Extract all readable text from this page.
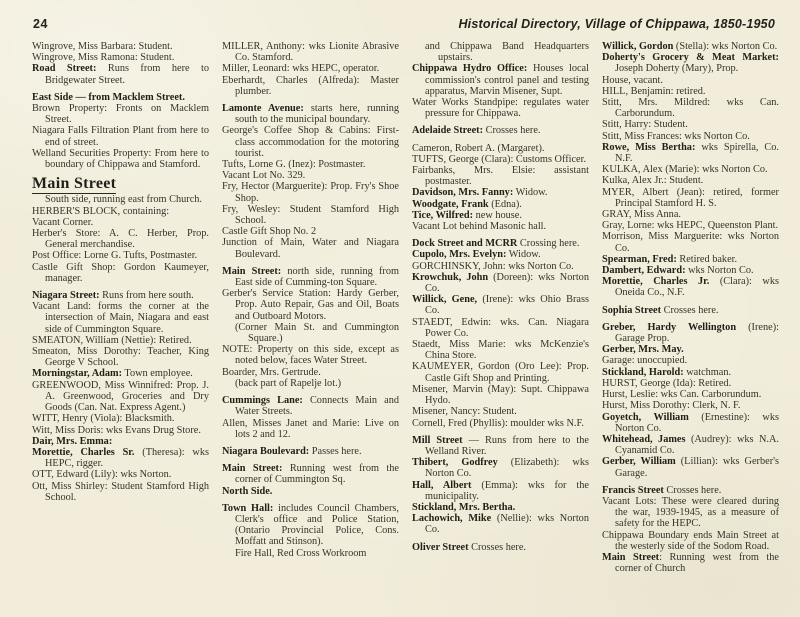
24	Historical Directory, Village of Chippawa, 1850-1950

Wingrove, Miss Barbara: Student.

Wingrove, Miss Ramona: Student.

Road Street: Runs from here to Bridgewater Street.

East Side — from Macklem Street.

Brown Property: Fronts on Macklem Street.

Niagara Falls Filtration Plant from here to end of street.

Welland Securities Property: From here to boundary of Chippawa and Stamford.

Main Street

South side, running east from Church.

HERBER'S BLOCK, containing:

Vacant Corner.

Herber's Store: A. C. Herber, Prop. General merchandise.

Post Office: Lorne G. Tufts, Postmaster.

Castle Gift Shop: Gordon Kaumeyer, manager.

Niagara Street: Runs from here south.

Vacant Land: forms the corner at the intersection of Main, Niagara and east side of Cummington Square.

SMEATON, William (Nettie): Retired.

Smeaton, Miss Dorothy: Teacher, King George V School.

Morningstar, Adam: Town employee.

GREENWOOD, Miss Winnifred: Prop. J. A. Greenwood, Groceries and Dry Goods (Can. Nat. Express Agent.)

WITT, Henry (Viola): Blacksmith.

Witt, Miss Doris: wks Evans Drug Store.

Dair, Mrs. Emma:

Morettie, Charles Sr. (Theresa): wks HEPC, rigger.

OTT, Edward (Lily): wks Norton.

Ott, Miss Shirley: Student Stamford High School.

MILLER, Anthony: wks Lionite Abrasive Co. Stamford.

Miller, Leonard: wks HEPC, operator.

Eberhardt, Charles (Alfreda): Master plumber.

Lamonte Avenue: starts here, running south to the municipal boundary.

George's Coffee Shop & Cabins: First-class accommodation for the motoring tourist.

Tufts, Lorne G. (Inez): Postmaster.

Vacant Lot No. 329.

Fry, Hector (Marguerite): Prop. Fry's Shoe Shop.

Fry, Wesley: Student Stamford High School.

Castle Gift Shop No. 2

Junction of Main, Water and Niagara Boulevard.

Main Street: north side, running from East side of Cumming-ton Square.

Gerber's Service Station: Hardy Gerber, Prop. Auto Repair, Gas and Oil, Boats and Outboard Motors.

(Corner Main St. and Cummington Square.)

NOTE: Property on this side, except as noted below, faces Water Street.

Boarder, Mrs. Gertrude.

(back part of Rapelje lot.)

Cummings Lane: Connects Main and Water Streets.

Allen, Misses Janet and Marie: Live on lots 2 and 12.

Niagara Boulevard: Passes here.

Main Street: Running west from the corner of Cummington Sq.

North Side.

Town Hall: includes Council Chambers, Clerk's office and Police Station, (Ontario Provincial Police, Cons. Moffatt and Stinson).

Fire Hall, Red Cross Workroom

and Chippawa Band Headquarters upstairs.

Chippawa Hydro Office: Houses local commission's control panel and testing apparatus, Marvin Misener, Supt.

Water Works Standpipe: regulates water pressure for Chippawa.

Adelaide Street: Crosses here.

Cameron, Robert A. (Margaret).

TUFTS, George (Clara): Customs Officer.

Fairbanks, Mrs. Elsie: assistant postmaster.

Davidson, Mrs. Fanny: Widow.

Woodgate, Frank (Edna).

Tice, Wilfred: new house.

Vacant Lot behind Masonic hall.

Dock Street and MCRR Crossing here.

Cupolo, Mrs. Evelyn: Widow.

GORCHINSKY, John: wks Norton Co.

Krowchuk, John (Doreen): wks Norton Co.

Willick, Gene, (Irene): wks Ohio Brass Co.

STAEDT, Edwin: wks. Can. Niagara Power Co.

Staedt, Miss Marie: wks McKenzie's China Store.

KAUMEYER, Gordon (Oro Lee): Prop. Castle Gift Shop and Printing.

Misener, Marvin (May): Supt. Chippawa Hydo.

Misener, Nancy: Student.

Cornell, Fred (Phyllis): moulder wks N.F.

Mill Street — Runs from here to the Welland River.

Thibert, Godfrey (Elizabeth): wks Norton Co.

Hall, Albert (Emma): wks for the municipality.

Stickland, Mrs. Bertha.

Lachowich, Mike (Nellie): wks Norton Co.

Oliver Street Crosses here.

Willick, Gordon (Stella): wks Norton Co.

Doherty's Grocery & Meat Market: Joseph Doherty (Mary), Prop.

House, vacant.

HILL, Benjamin: retired.

Stitt, Mrs. Mildred: wks Can. Carborundum.

Stitt, Harry: Student.

Stitt, Miss Frances: wks Norton Co.

Rowe, Miss Bertha: wks Spirella, Co. N.F.

KULKA, Alex (Marie): wks Norton Co.

Kulka, Alex Jr.: Student.

MYER, Albert (Jean): retired, former Principal Stamford H. S.

GRAY, Miss Anna.

Gray, Lorne: wks HEPC, Queenston Plant.

Morrison, Miss Marguerite: wks Norton Co.

Spearman, Fred: Retired baker.

Dambert, Edward: wks Norton Co.

Morettie, Charles Jr. (Clara): wks Oneida Co., N.F.

Sophia Street Crosses here.

Greber, Hardy Wellington (Irene): Garage Prop.

Gerber, Mrs. May.

Garage: unoccupied.

Stickland, Harold: watchman.

HURST, George (Ida): Retired.

Hurst, Leslie: wks Can. Carborundum.

Hurst, Miss Dorothy: Clerk, N. F.

Goyetch, William (Ernestine): wks Norton Co.

Whitehead, James (Audrey): wks N.A. Cyanamid Co.

Gerber, William (Lillian): wks Gerber's Garage.

Francis Street Crosses here.

Vacant Lots: These were cleared during the war, 1939-1945, as a measure of safety for the HEPC.

Chippawa Boundary ends Main Street at the westerly side of the Sodom Road.

Main Street: Running west from the corner of Church
